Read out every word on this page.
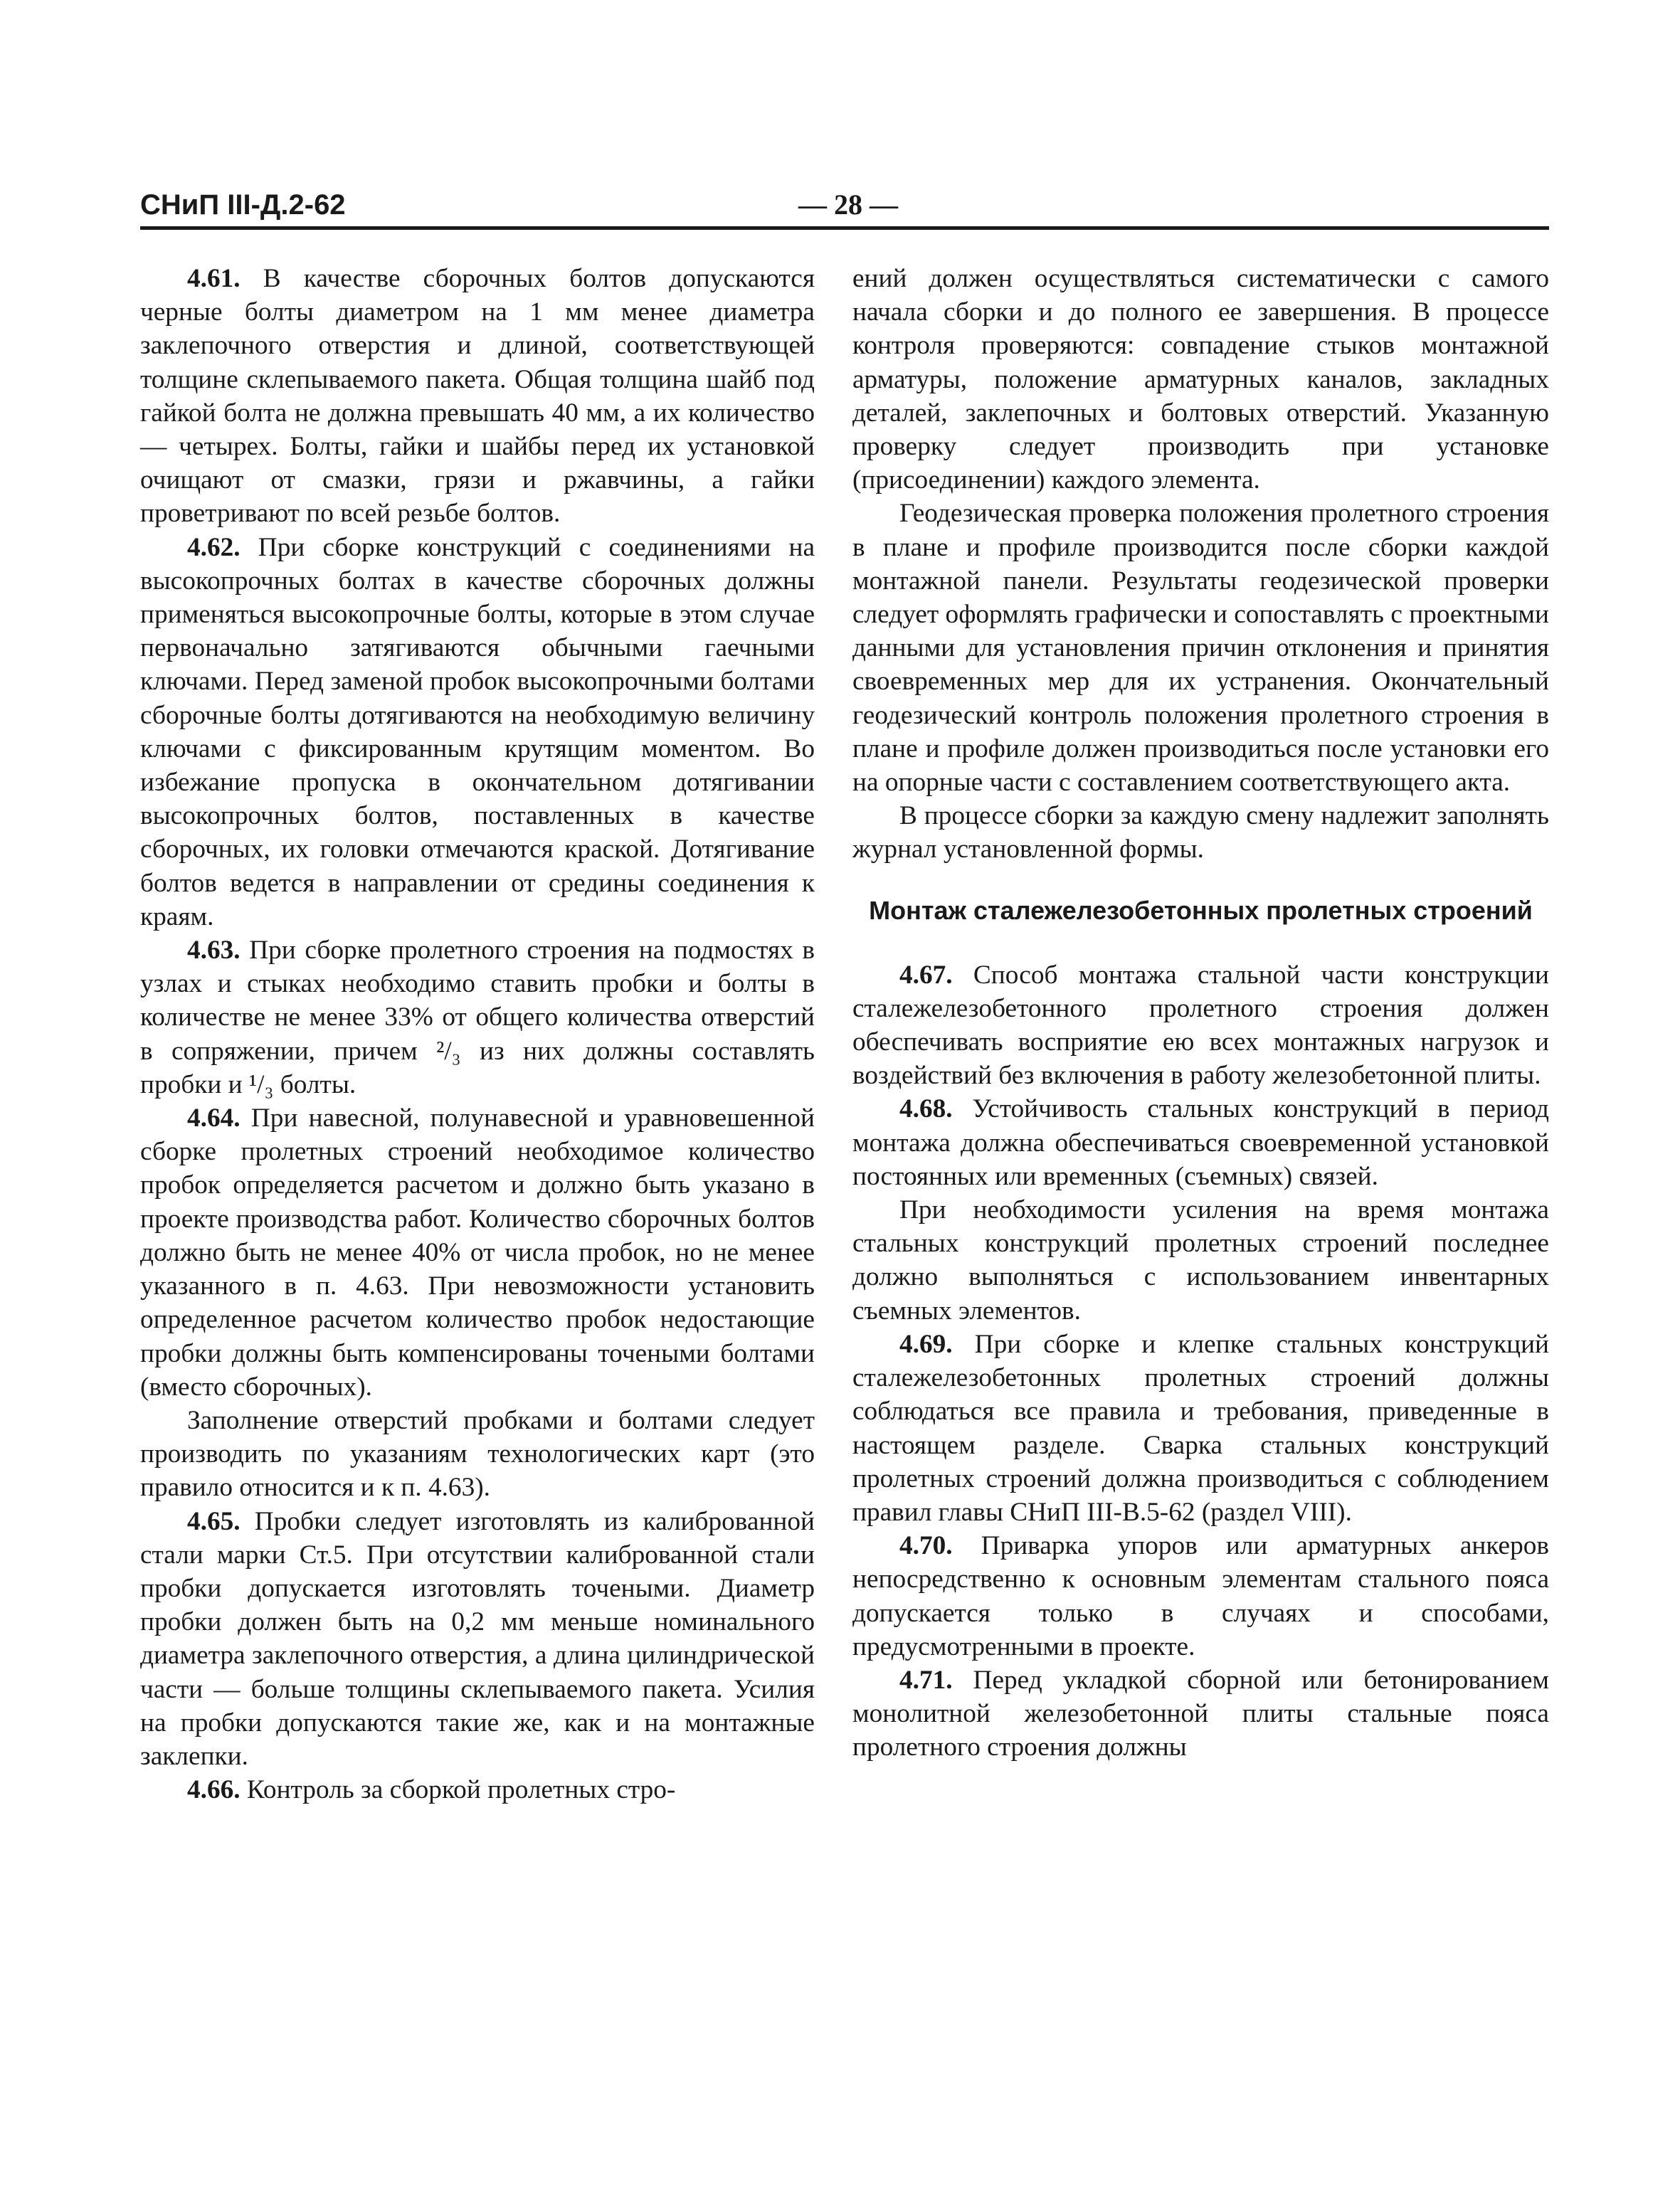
СНиП III-Д.2-62	— 28 —

4.61. В качестве сборочных болтов допускаются черные болты диаметром на 1 мм менее диаметра заклепочного отверстия и длиной, соответствующей толщине склепываемого пакета. Общая толщина шайб под гайкой болта не должна превышать 40 мм, а их количество — четырех. Болты, гайки и шайбы перед их установкой очищают от смазки, грязи и ржавчины, а гайки проветривают по всей резьбе болтов.

4.62. При сборке конструкций с соединениями на высокопрочных болтах в качестве сборочных должны применяться высокопрочные болты, которые в этом случае первоначально затягиваются обычными гаечными ключами. Перед заменой пробок высокопрочными болтами сборочные болты дотягиваются на необходимую величину ключами с фиксированным крутящим моментом. Во избежание пропуска в окончательном дотягивании высокопрочных болтов, поставленных в качестве сборочных, их головки отмечаются краской. Дотягивание болтов ведется в направлении от средины соединения к краям.

4.63. При сборке пролетного строения на подмостях в узлах и стыках необходимо ставить пробки и болты в количестве не менее 33% от общего количества отверстий в сопряжении, причем ²/₃ из них должны составлять пробки и ¹/₃ болты.

4.64. При навесной, полунавесной и уравновешенной сборке пролетных строений необходимое количество пробок определяется расчетом и должно быть указано в проекте производства работ. Количество сборочных болтов должно быть не менее 40% от числа пробок, но не менее указанного в п. 4.63. При невозможности установить определенное расчетом количество пробок недостающие пробки должны быть компенсированы точеными болтами (вместо сборочных).

Заполнение отверстий пробками и болтами следует производить по указаниям технологических карт (это правило относится и к п. 4.63).

4.65. Пробки следует изготовлять из калиброванной стали марки Ст.5. При отсутствии калиброванной стали пробки допускается изготовлять точеными. Диаметр пробки должен быть на 0,2 мм меньше номинального диаметра заклепочного отверстия, а длина цилиндрической части — больше толщины склепываемого пакета. Усилия на пробки допускаются такие же, как и на монтажные заклепки.

4.66. Контроль за сборкой пролетных стро-

ений должен осуществляться систематически с самого начала сборки и до полного ее завершения. В процессе контроля проверяются: совпадение стыков монтажной арматуры, положение арматурных каналов, закладных деталей, заклепочных и болтовых отверстий. Указанную проверку следует производить при установке (присоединении) каждого элемента.

Геодезическая проверка положения пролетного строения в плане и профиле производится после сборки каждой монтажной панели. Результаты геодезической проверки следует оформлять графически и сопоставлять с проектными данными для установления причин отклонения и принятия своевременных мер для их устранения. Окончательный геодезический контроль положения пролетного строения в плане и профиле должен производиться после установки его на опорные части с составлением соответствующего акта.

В процессе сборки за каждую смену надлежит заполнять журнал установленной формы.

Монтаж сталежелезобетонных пролетных строений

4.67. Способ монтажа стальной части конструкции сталежелезобетонного пролетного строения должен обеспечивать восприятие ею всех монтажных нагрузок и воздействий без включения в работу железобетонной плиты.

4.68. Устойчивость стальных конструкций в период монтажа должна обеспечиваться своевременной установкой постоянных или временных (съемных) связей.

При необходимости усиления на время монтажа стальных конструкций пролетных строений последнее должно выполняться с использованием инвентарных съемных элементов.

4.69. При сборке и клепке стальных конструкций сталежелезобетонных пролетных строений должны соблюдаться все правила и требования, приведенные в настоящем разделе. Сварка стальных конструкций пролетных строений должна производиться с соблюдением правил главы СНиП III-В.5-62 (раздел VIII).

4.70. Приварка упоров или арматурных анкеров непосредственно к основным элементам стального пояса допускается только в случаях и способами, предусмотренными в проекте.

4.71. Перед укладкой сборной или бетонированием монолитной железобетонной плиты стальные пояса пролетного строения должны
